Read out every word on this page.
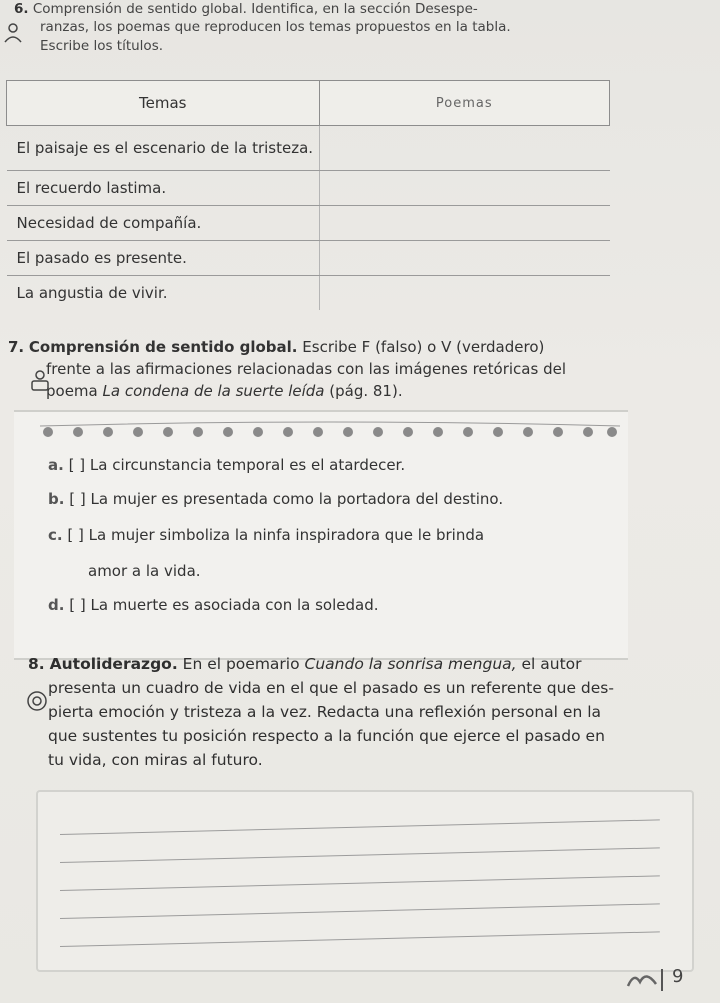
6. Comprensión de sentido global. Identifica, en la sección Desespe-
ranzas, los poemas que reproducen los temas propuestos en la tabla.
Escribe los títulos.
Temas	Poemas
El paisaje es el escenario de la tristeza.	
El recuerdo lastima.	
Necesidad de compañía.	
El pasado es presente.	
La angustia de vivir.	
7. Comprensión de sentido global. Escribe F (falso) o V (verdadero)
frente a las afirmaciones relacionadas con las imágenes retóricas del
poema La condena de la suerte leída (pág. 81).
a. [ ] La circunstancia temporal es el atardecer.
b. [ ] La mujer es presentada como la portadora del destino.
c. [ ] La mujer simboliza la ninfa inspiradora que le brinda
amor a la vida.
d. [ ] La muerte es asociada con la soledad.
8. Autoliderazgo. En el poemario Cuando la sonrisa mengua, el autor
presenta un cuadro de vida en el que el pasado es un referente que des-
pierta emoción y tristeza a la vez. Redacta una reflexión personal en la
que sustentes tu posición respecto a la función que ejerce el pasado en
tu vida, con miras al futuro.
9
